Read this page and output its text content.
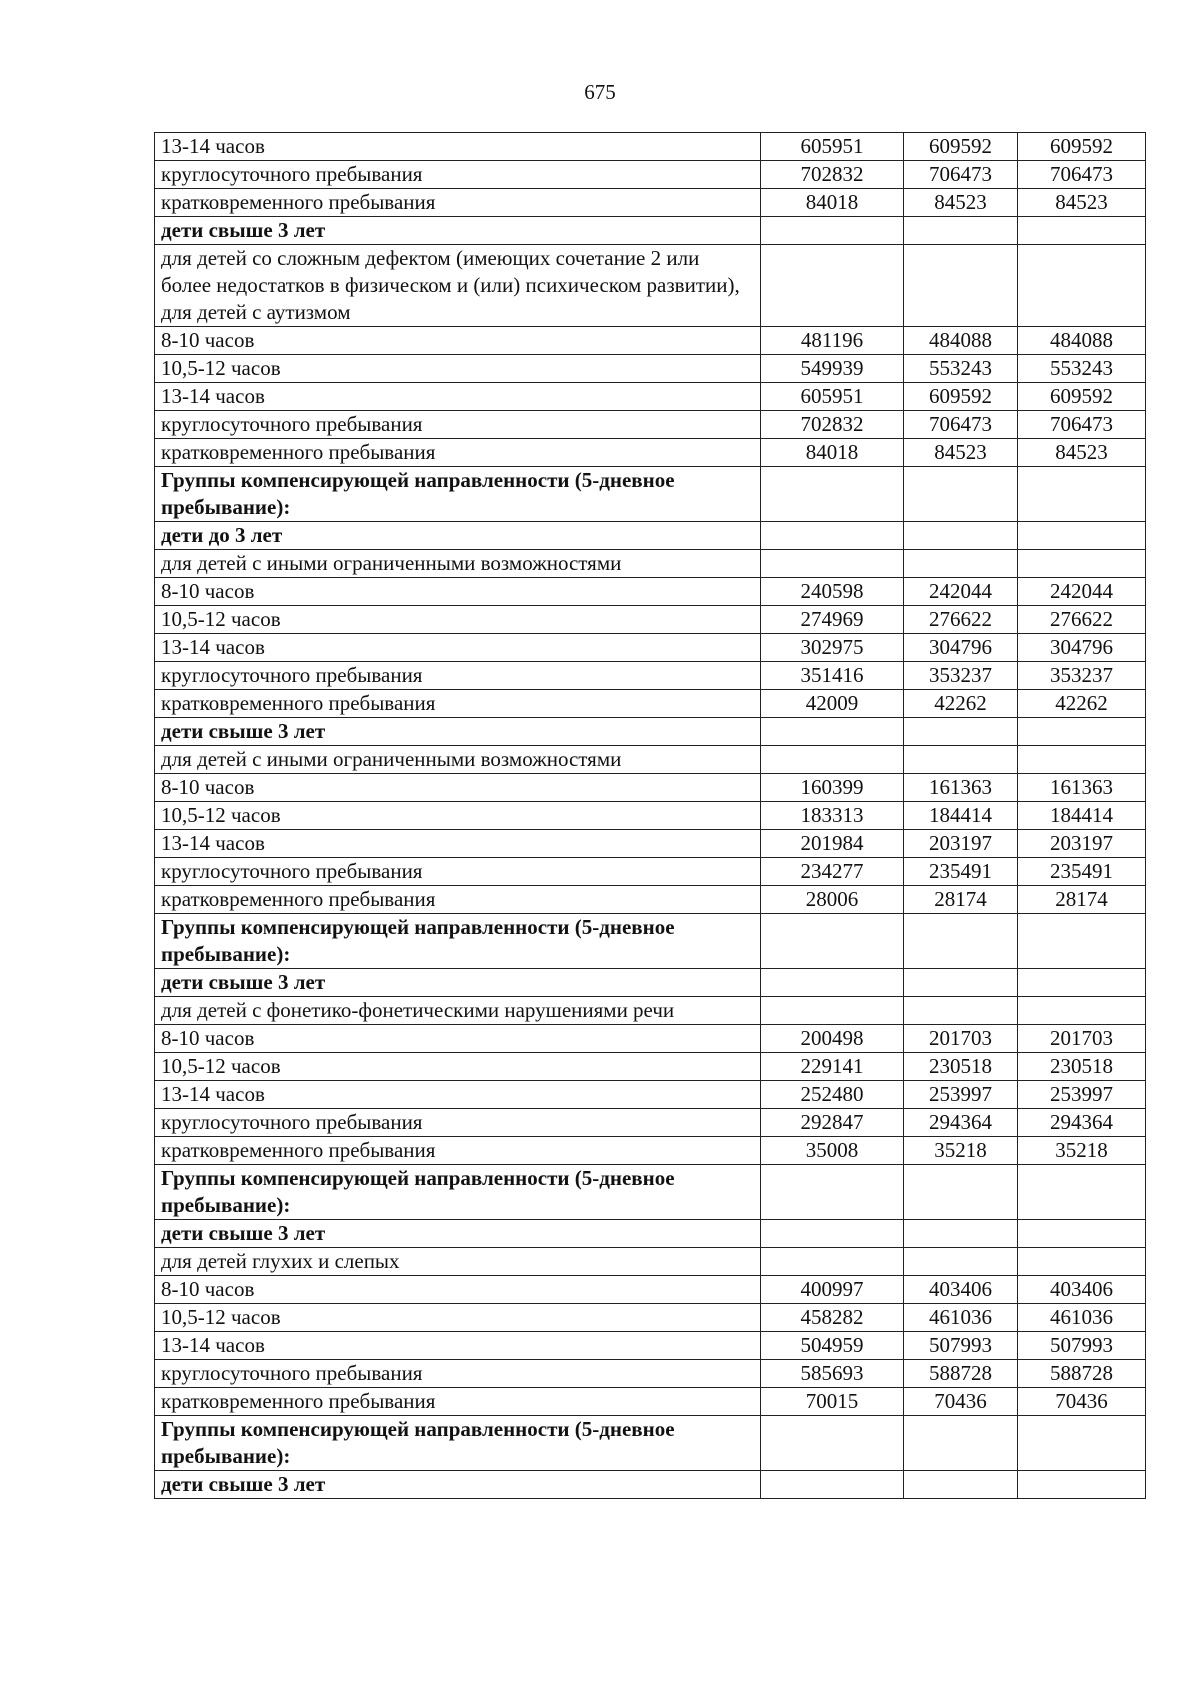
675
13-14 часов	605951	609592	609592
круглосуточного пребывания	702832	706473	706473
кратковременного пребывания	84018	84523	84523
дети свыше 3 лет			
для детей со сложным дефектом (имеющих сочетание 2 или более недостатков в физическом и (или) психическом развитии), для детей с аутизмом			
8-10 часов	481196	484088	484088
10,5-12 часов	549939	553243	553243
13-14 часов	605951	609592	609592
круглосуточного пребывания	702832	706473	706473
кратковременного пребывания	84018	84523	84523
Группы компенсирующей направленности (5-дневное пребывание):			
дети до 3 лет			
для детей с иными ограниченными возможностями			
8-10 часов	240598	242044	242044
10,5-12 часов	274969	276622	276622
13-14 часов	302975	304796	304796
круглосуточного пребывания	351416	353237	353237
кратковременного пребывания	42009	42262	42262
дети свыше 3 лет			
для детей с иными ограниченными возможностями			
8-10 часов	160399	161363	161363
10,5-12 часов	183313	184414	184414
13-14 часов	201984	203197	203197
круглосуточного пребывания	234277	235491	235491
кратковременного пребывания	28006	28174	28174
Группы компенсирующей направленности (5-дневное пребывание):			
дети свыше 3 лет			
для детей с фонетико-фонетическими нарушениями речи			
8-10 часов	200498	201703	201703
10,5-12 часов	229141	230518	230518
13-14 часов	252480	253997	253997
круглосуточного пребывания	292847	294364	294364
кратковременного пребывания	35008	35218	35218
Группы компенсирующей направленности (5-дневное пребывание):			
дети свыше 3 лет			
для детей глухих и слепых			
8-10 часов	400997	403406	403406
10,5-12 часов	458282	461036	461036
13-14 часов	504959	507993	507993
круглосуточного пребывания	585693	588728	588728
кратковременного пребывания	70015	70436	70436
Группы компенсирующей направленности (5-дневное пребывание):			
дети свыше 3 лет			
